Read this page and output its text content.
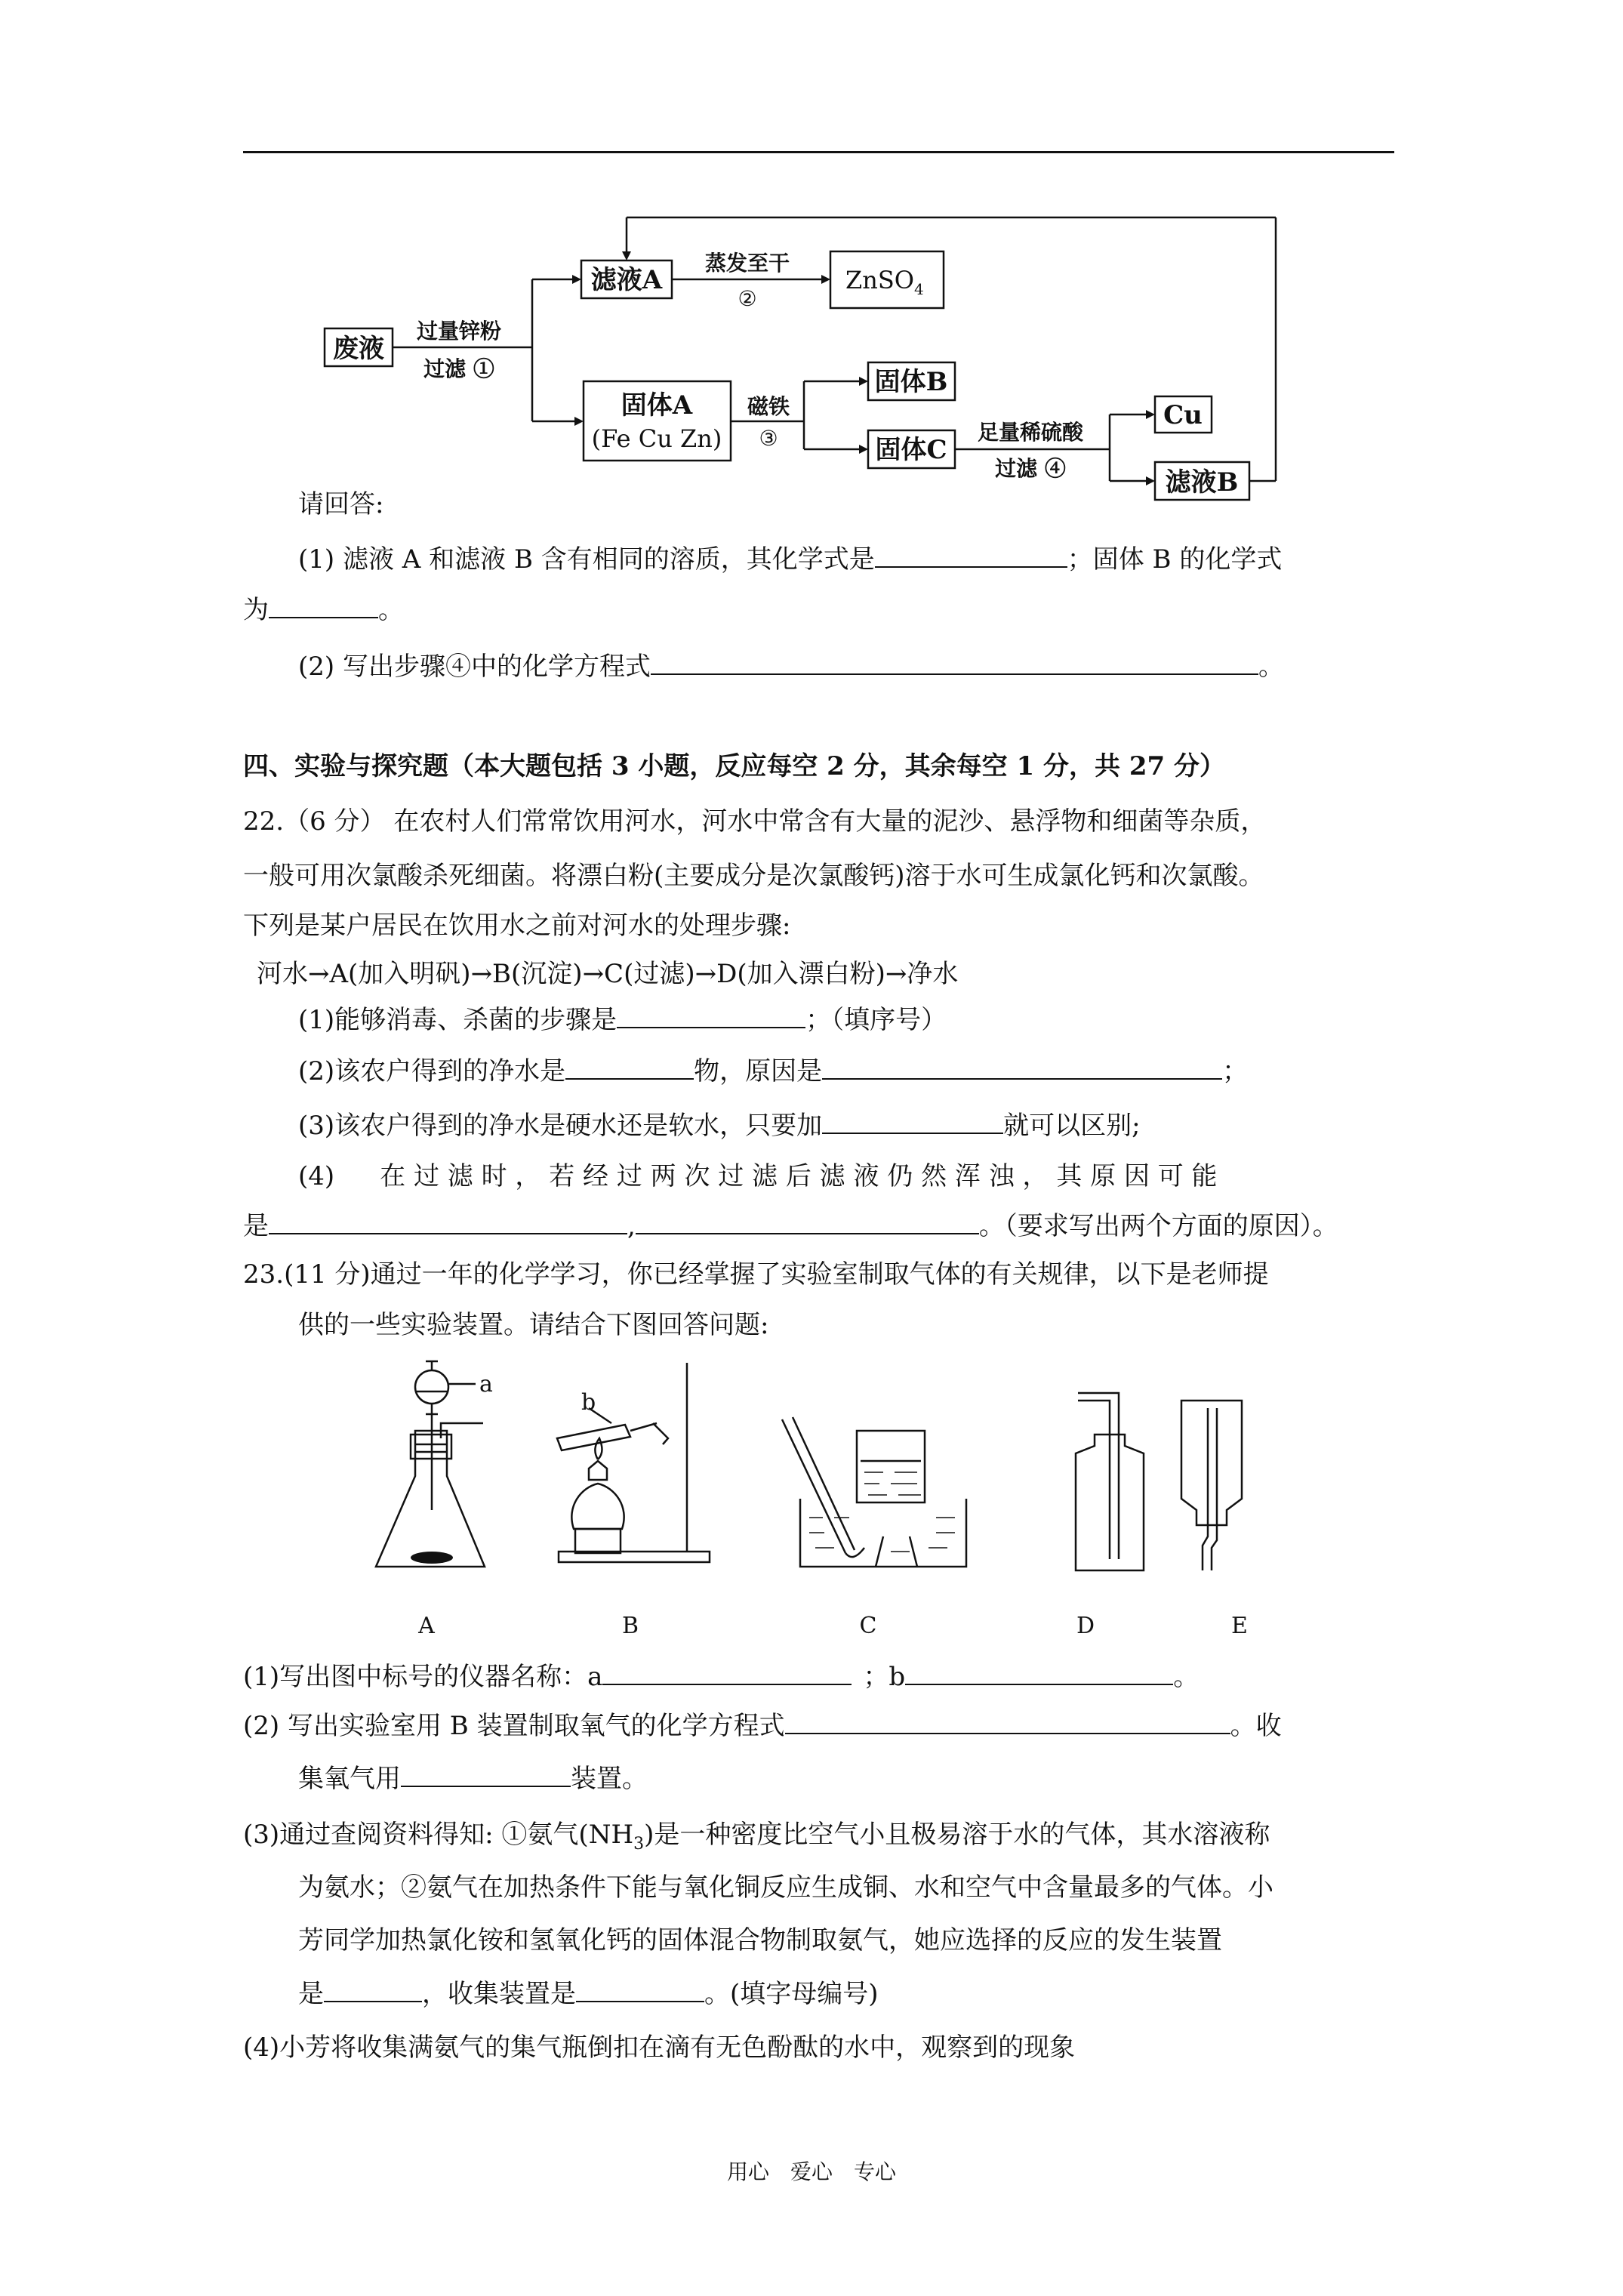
废液
过量锌粉
过滤 ①
滤液A
蒸发至干
②
ZnSO$_4$
固体A
(Fe Cu Zn)
磁铁
③
固体B
固体C
足量稀硫酸
过滤 ④
Cu
滤液B
请回答:
(1) 滤液 A 和滤液 B 含有相同的溶质，其化学式是	；固体 B 的化学式
为	。
(2) 写出步骤④中的化学方程式	。
四、实验与探究题（本大题包括 3 小题，反应每空 2 分，其余每空 1 分，共 27 分）
22.（6 分） 在农村人们常常饮用河水，河水中常含有大量的泥沙、悬浮物和细菌等杂质，
一般可用次氯酸杀死细菌。将漂白粉(主要成分是次氯酸钙)溶于水可生成氯化钙和次氯酸。
下列是某户居民在饮用水之前对河水的处理步骤:
河水→A(加入明矾)→B(沉淀)→C(过滤)→D(加入漂白粉)→净水
(1)能够消毒、杀菌的步骤是	；（填序号）
(2)该农户得到的净水是	物，原因是	；
(3)该农户得到的净水是硬水还是软水，只要加	就可以区别;
(4) 在 过 滤 时 ， 若 经 过 两 次 过 滤 后 滤 液 仍 然 浑 浊 ， 其 原 因 可 能
是	,	。（要求写出两个方面的原因）。
23.(11 分)通过一年的化学学习，你已经掌握了实验室制取气体的有关规律，以下是老师提
供的一些实验装置。请结合下图回答问题:
a
b
A	B	C	D	E
(1)写出图中标号的仪器名称：a	；b	。
(2) 写出实验室用 B 装置制取氧气的化学方程式	。收
集氧气用	装置。
(3)通过查阅资料得知: ①氨气$(NH_3)$是一种密度比空气小且极易溶于水的气体，其水溶液称
为氨水；②氨气在加热条件下能与氧化铜反应生成铜、水和空气中含量最多的气体。小
芳同学加热氯化铵和氢氧化钙的固体混合物制取氨气，她应选择的反应的发生装置
是	，收集装置是	。(填字母编号)
(4)小芳将收集满氨气的集气瓶倒扣在滴有无色酚酞的水中，观察到的现象
用心　爱心　专心
